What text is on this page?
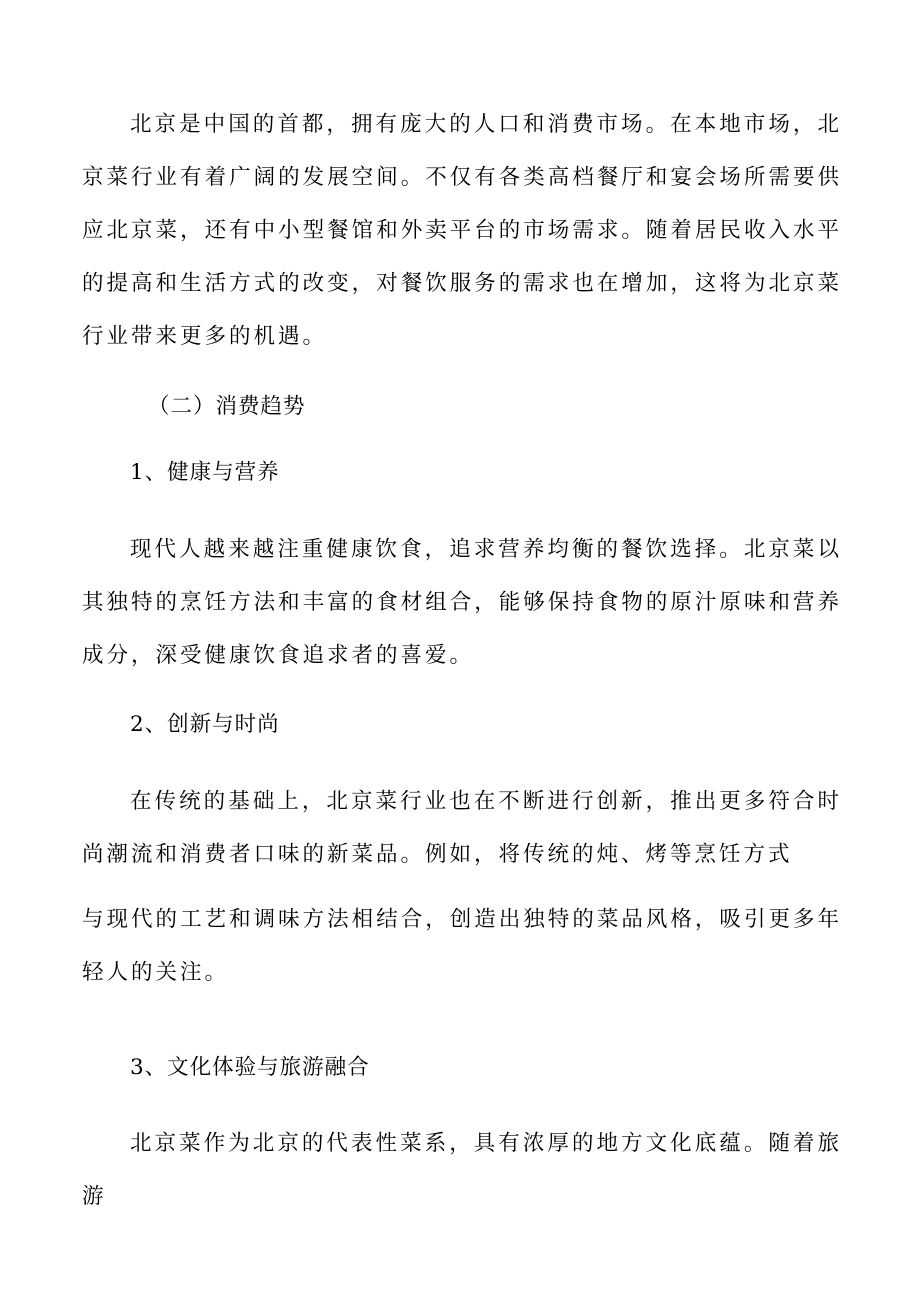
北京是中国的首都，拥有庞大的人口和消费市场。在本地市场，北京菜行业有着广阔的发展空间。不仅有各类高档餐厅和宴会场所需要供应北京菜，还有中小型餐馆和外卖平台的市场需求。随着居民收入水平的提高和生活方式的改变，对餐饮服务的需求也在增加，这将为北京菜行业带来更多的机遇。

（二）消费趋势

1、健康与营养

现代人越来越注重健康饮食，追求营养均衡的餐饮选择。北京菜以其独特的烹饪方法和丰富的食材组合，能够保持食物的原汁原味和营养成分，深受健康饮食追求者的喜爱。

2、创新与时尚

在传统的基础上，北京菜行业也在不断进行创新，推出更多符合时尚潮流和消费者口味的新菜品。例如，将传统的炖、烤等烹饪方式

与现代的工艺和调味方法相结合，创造出独特的菜品风格，吸引更多年轻人的关注。

3、文化体验与旅游融合

北京菜作为北京的代表性菜系，具有浓厚的地方文化底蕴。随着旅游
